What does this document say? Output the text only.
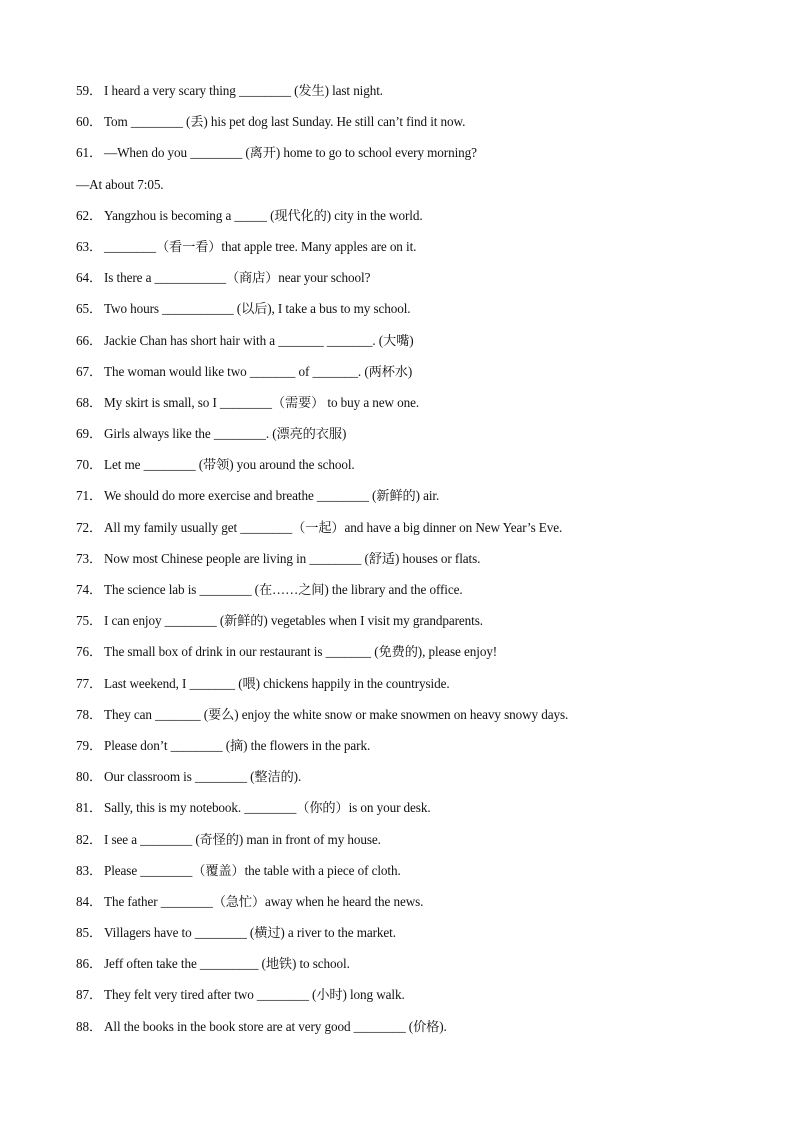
59． I heard a very scary thing ________ (发生) last night.
60． Tom ________ (丢) his pet dog last Sunday. He still can’t find it now.
61． —When do you ________ (离开) home to go to school every morning?
—At about 7:05.
62． Yangzhou is becoming a _____ (现代化的) city in the world.
63． ________（看一看）that apple tree. Many apples are on it.
64． Is there a ___________（商店）near your school?
65． Two hours ___________ (以后), I take a bus to my school.
66． Jackie Chan has short hair with a _______ _______. (大嘴)
67． The woman would like two _______ of _______. (两杯水)
68． My skirt is small, so I ________（需要） to buy a new one.
69． Girls always like the ________. (漂亮的衣服)
70． Let me ________ (带领) you around the school.
71． We should do more exercise and breathe ________ (新鲜的) air.
72． All my family usually get ________（一起）and have a big dinner on New Year’s Eve.
73． Now most Chinese people are living in ________ (舒适) houses or flats.
74． The science lab is ________ (在……之间) the library and the office.
75． I can enjoy ________ (新鲜的) vegetables when I visit my grandparents.
76． The small box of drink in our restaurant is _______ (免费的), please enjoy!
77． Last weekend, I _______ (喂) chickens happily in the countryside.
78． They can _______ (要么) enjoy the white snow or make snowmen on heavy snowy days.
79． Please don’t ________ (摘) the flowers in the park.
80． Our classroom is ________ (整洁的).
81． Sally, this is my notebook. ________（你的）is on your desk.
82． I see a ________ (奇怪的) man in front of my house.
83． Please ________（覆盖）the table with a piece of cloth.
84． The father ________（急忙）away when he heard the news.
85． Villagers have to ________ (横过) a river to the market.
86． Jeff often take the _________ (地铁) to school.
87． They felt very tired after two ________ (小时) long walk.
88． All the books in the book store are at very good ________ (价格).
